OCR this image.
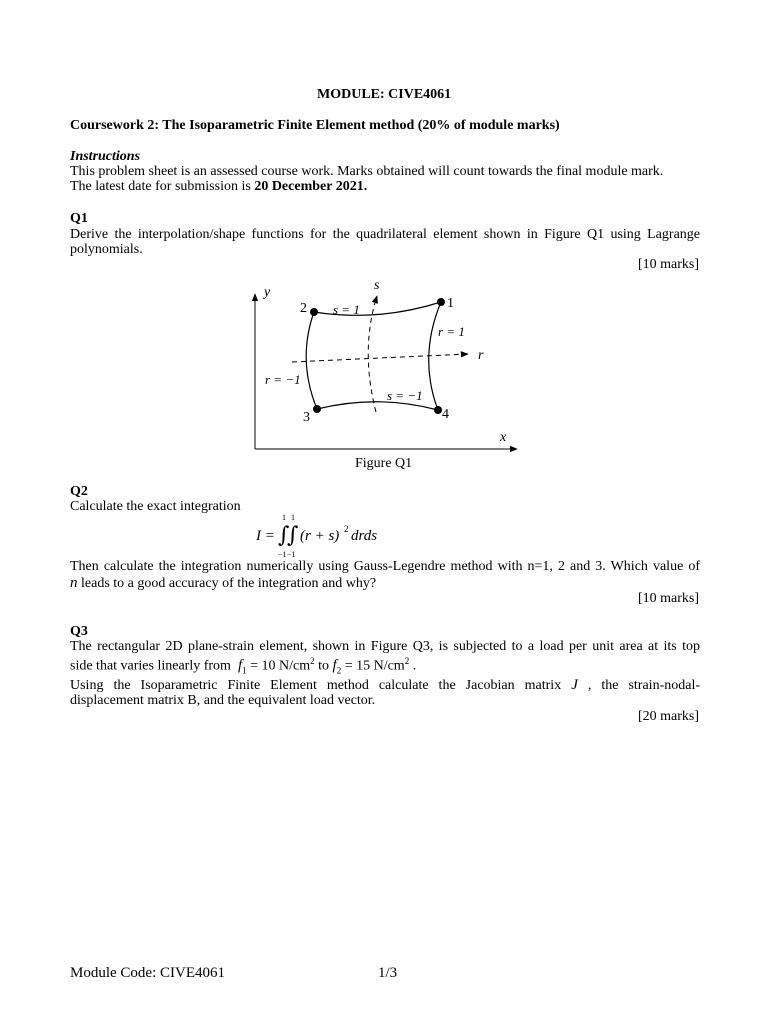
MODULE: CIVE4061
Coursework 2: The Isoparametric Finite Element method (20% of module marks)
Instructions
This problem sheet is an assessed course work. Marks obtained will count towards the final module mark.
The latest date for submission is 20 December 2021.
Q1
Derive the interpolation/shape functions for the quadrilateral element shown in Figure Q1 using Lagrange
polynomials.
[10 marks]
y
x
r
s
1
2
3	4
s = 1
s = −1
r = 1
r = −1
Figure Q1
Q2
Calculate the exact integration
I =
1 1
∫
∫
−1 −1
(r + s) 2 drds
Then calculate the integration numerically using Gauss-Legendre method with n=1, 2 and 3. Which value of
n leads to a good accuracy of the integration and why?
[10 marks]
Q3
The rectangular 2D plane-strain element, shown in Figure Q3, is subjected to a load per unit area at its top
side that varies linearly from  $f_1 = 10$ $N/cm^2$ to $f_2 = 15$ $N/cm^2$ .
Using the Isoparametric Finite Element method calculate the Jacobian matrix J , the strain-nodal-
displacement matrix B, and the equivalent load vector.
[20 marks]
Module Code: CIVE4061	1/3
